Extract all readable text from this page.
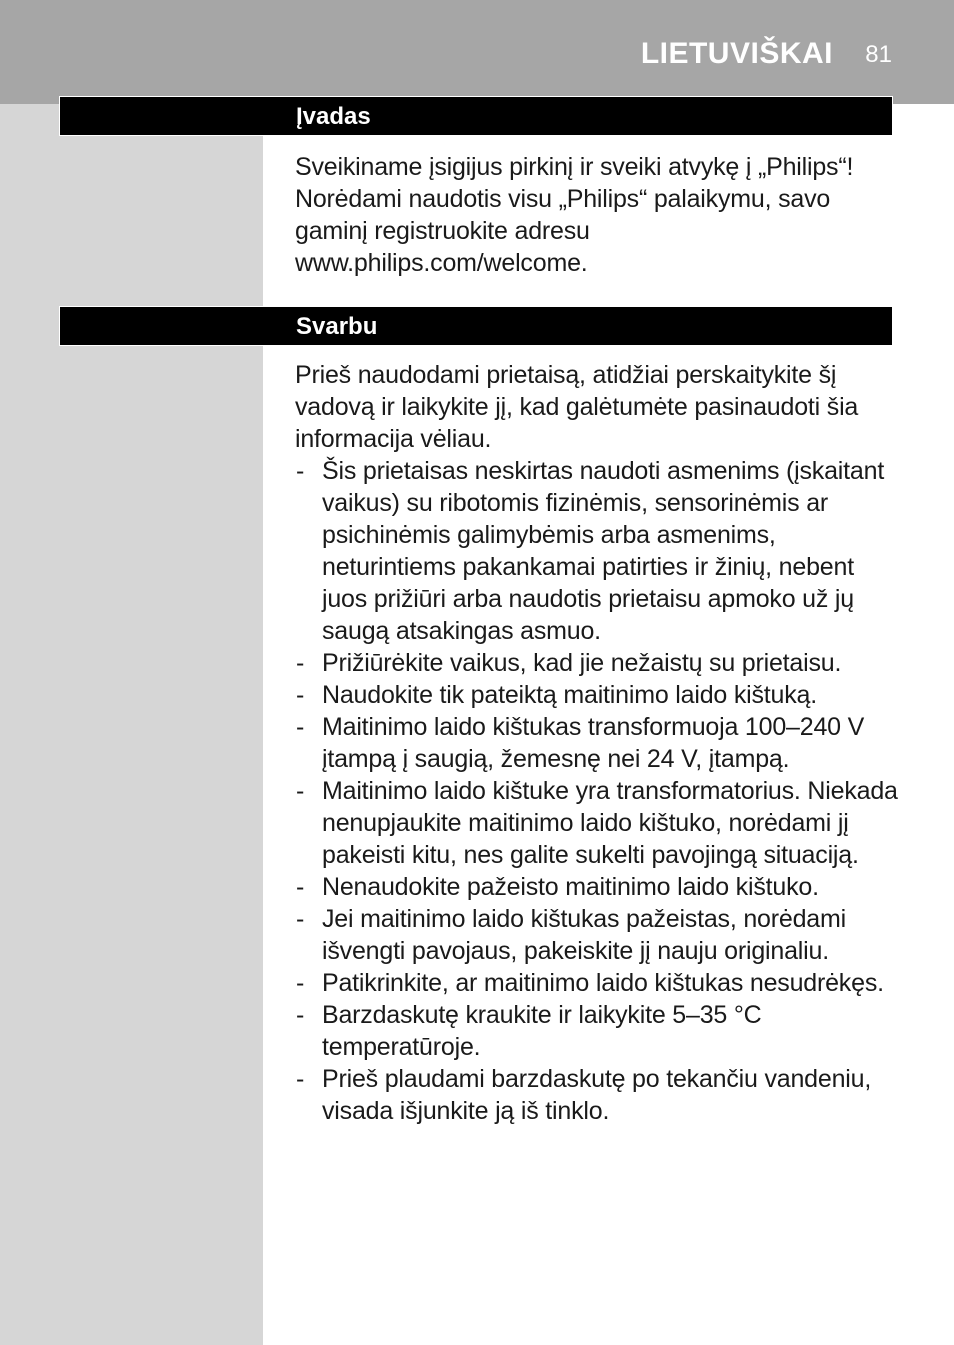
LIETUVIŠKAI 81
Įvadas

Sveikiname įsigijus pirkinį ir sveiki atvykę į „Philips“! Norėdami naudotis visu „Philips“ palaikymu, savo gaminį registruokite adresu www.philips.com/welcome.

Svarbu

Prieš naudodami prietaisą, atidžiai perskaitykite šį vadovą ir laikykite jį, kad galėtumėte pasinaudoti šia informacija vėliau.

- Šis prietaisas neskirtas naudoti asmenims (įskaitant vaikus) su ribotomis fizinėmis, sensorinėmis ar psichinėmis galimybėmis arba asmenims, neturintiems pakankamai patirties ir žinių, nebent juos prižiūri arba naudotis prietaisu apmoko už jų saugą atsakingas asmuo.
- Prižiūrėkite vaikus, kad jie nežaistų su prietaisu.
- Naudokite tik pateiktą maitinimo laido kištuką.
- Maitinimo laido kištukas transformuoja 100–240 V įtampą į saugią, žemesnę nei 24 V, įtampą.
- Maitinimo laido kištuke yra transformatorius. Niekada nenupjaukite maitinimo laido kištuko, norėdami jį pakeisti kitu, nes galite sukelti pavojingą situaciją.
- Nenaudokite pažeisto maitinimo laido kištuko.
- Jei maitinimo laido kištukas pažeistas, norėdami išvengti pavojaus, pakeiskite jį nauju originaliu.
- Patikrinkite, ar maitinimo laido kištukas nesudrėkęs.
- Barzdaskutę kraukite ir laikykite 5–35 °C temperatūroje.
- Prieš plaudami barzdaskutę po tekančiu vandeniu, visada išjunkite ją iš tinklo.
